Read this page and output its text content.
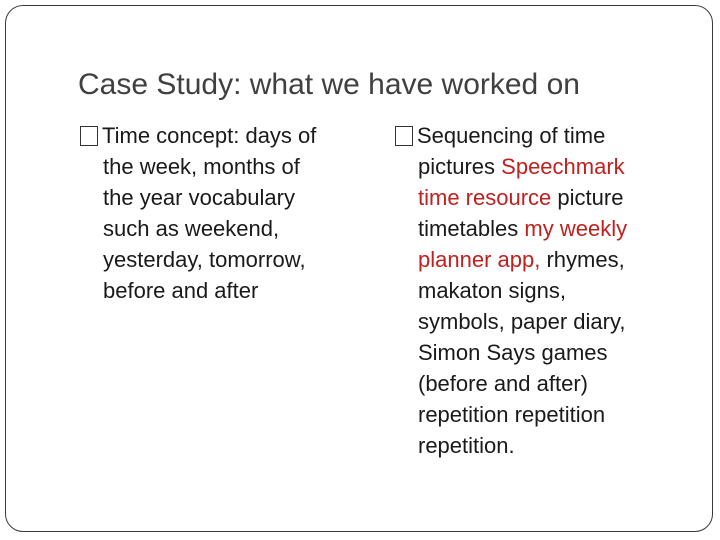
Case Study: what we have worked on
Time concept: days of
the week, months of
the year vocabulary
such as weekend,
yesterday, tomorrow,
before and after
Sequencing of time
pictures Speechmark
time resource picture
timetables my weekly
planner app, rhymes,
makaton signs,
symbols, paper diary,
Simon Says games
(before and after)
repetition repetition
repetition.
